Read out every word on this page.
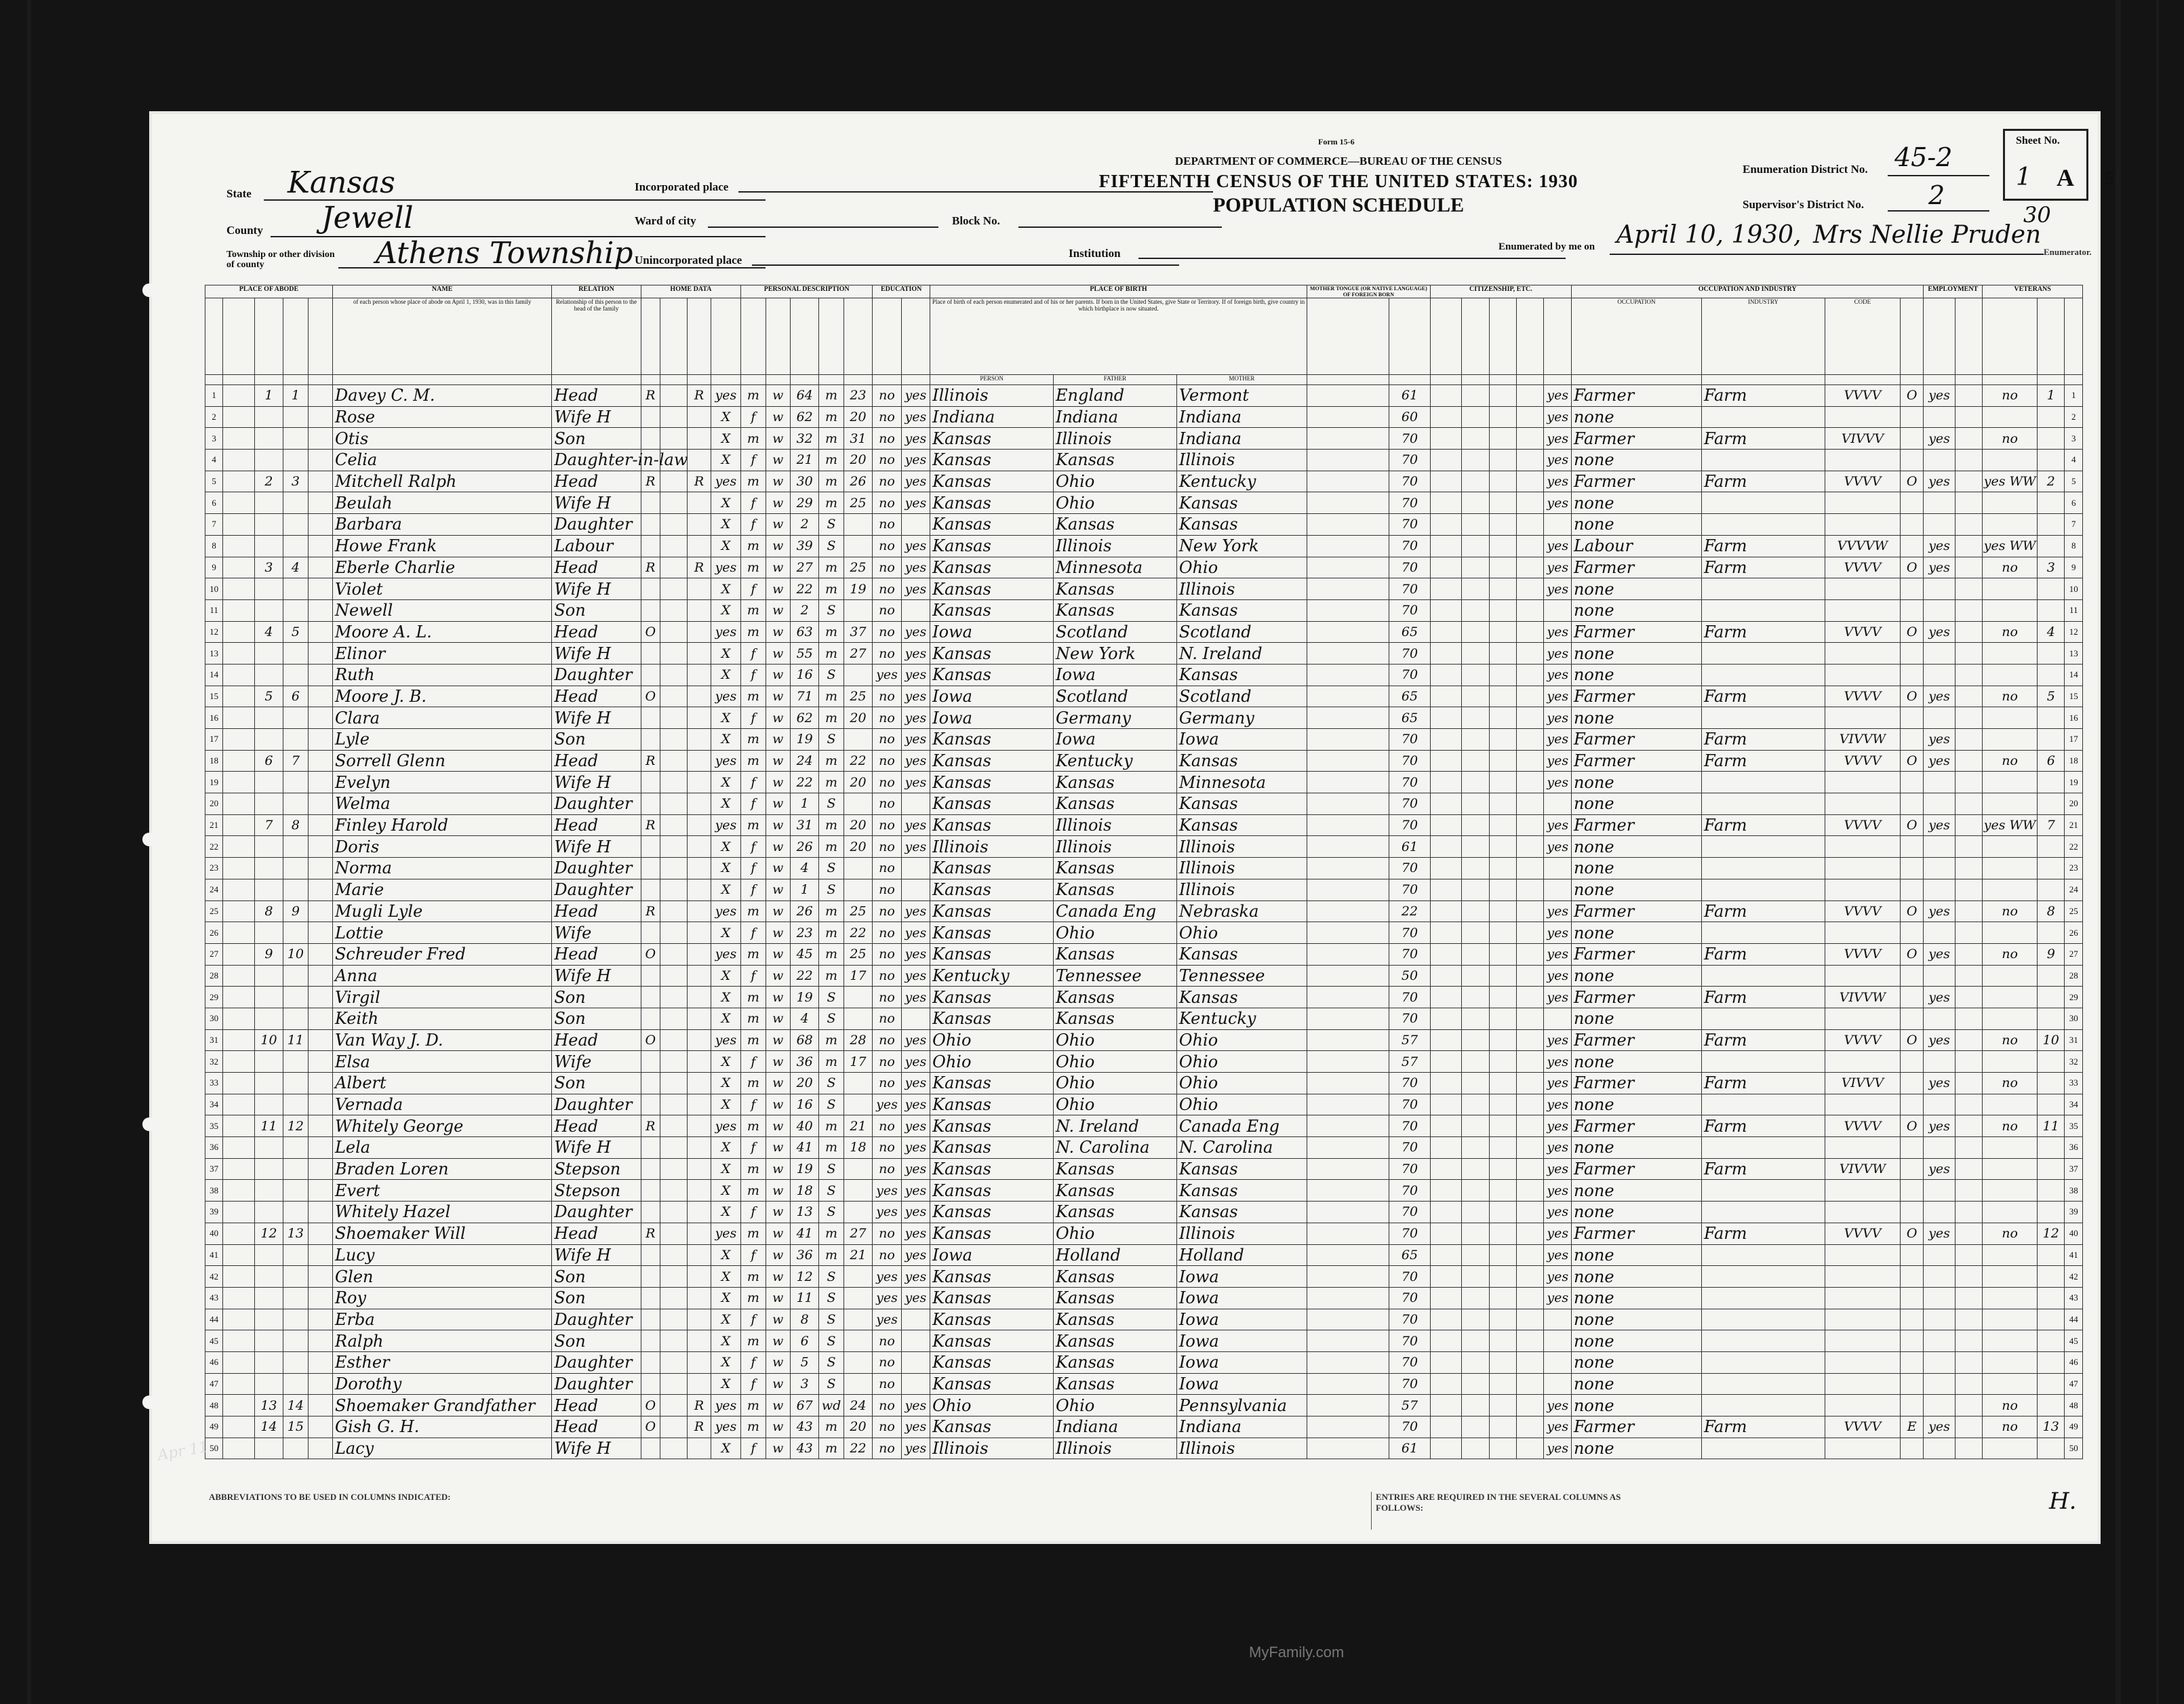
Form 15-6
DEPARTMENT OF COMMERCE—BUREAU OF THE CENSUS
FIFTEENTH CENSUS OF THE UNITED STATES: 1930
POPULATION SCHEDULE
State Kansas
County Jewell
Township or other division of county	Athens Township
Incorporated place
Ward of city	Block No.
Unincorporated place
Institution
Enumeration District No. 45-2
Supervisor's District No.	2
Enumerated by me on April 10, 1930, Mrs Nellie Pruden
Enumerator.
30
Sheet No.
1 A 5
PLACE OF ABODE					NAME	RELATION	HOME DATA				PERSONAL DESCRIPTION					EDUCATION		PLACE OF BIRTH			MOTHER TONGUE (OR NATIVE LANGUAGE) OF FOREIGN BORN		CITIZENSHIP, ETC.					OCCUPATION AND INDUSTRY				EMPLOYMENT		VETERANS		
					of each person whose place of abode on April 1, 1930, was in this family	Relationship of this person to the head of the family												Place of birth of each person enumerated and of his or her parents. If born in the United States, give State or Territory. If of foreign birth, give country in which birthplace is now situated.										OCCUPATION	INDUSTRY	CODE						
																		PERSON	FATHER	MOTHER																
1		1	1		Davey C. M.	Head	R		R	yes	m	w	64	m	23	no	yes	Illinois	England	Vermont		61					yes	Farmer	Farm	VVVV	O	yes		no	1	1
2					Rose	Wife H				X	f	w	62	m	20	no	yes	Indiana	Indiana	Indiana		60					yes	none								2
3					Otis	Son				X	m	w	32	m	31	no	yes	Kansas	Illinois	Indiana		70					yes	Farmer	Farm	VIVVV		yes		no		3
4					Celia	Daughter-in-law				X	f	w	21	m	20	no	yes	Kansas	Kansas	Illinois		70					yes	none								4
5		2	3		Mitchell Ralph	Head	R		R	yes	m	w	30	m	26	no	yes	Kansas	Ohio	Kentucky		70					yes	Farmer	Farm	VVVV	O	yes		yes WW	2	5
6					Beulah	Wife H				X	f	w	29	m	25	no	yes	Kansas	Ohio	Kansas		70					yes	none								6
7					Barbara	Daughter				X	f	w	2	S		no		Kansas	Kansas	Kansas		70						none								7
8					Howe Frank	Labour				X	m	w	39	S		no	yes	Kansas	Illinois	New York		70					yes	Labour	Farm	VVVVW		yes		yes WW		8
9		3	4		Eberle Charlie	Head	R		R	yes	m	w	27	m	25	no	yes	Kansas	Minnesota	Ohio		70					yes	Farmer	Farm	VVVV	O	yes		no	3	9
10					Violet	Wife H				X	f	w	22	m	19	no	yes	Kansas	Kansas	Illinois		70					yes	none								10
11					Newell	Son				X	m	w	2	S		no		Kansas	Kansas	Kansas		70						none								11
12		4	5		Moore A. L.	Head	O			yes	m	w	63	m	37	no	yes	Iowa	Scotland	Scotland		65					yes	Farmer	Farm	VVVV	O	yes		no	4	12
13					Elinor	Wife H				X	f	w	55	m	27	no	yes	Kansas	New York	N. Ireland		70					yes	none								13
14					Ruth	Daughter				X	f	w	16	S		yes	yes	Kansas	Iowa	Kansas		70					yes	none								14
15		5	6		Moore J. B.	Head	O			yes	m	w	71	m	25	no	yes	Iowa	Scotland	Scotland		65					yes	Farmer	Farm	VVVV	O	yes		no	5	15
16					Clara	Wife H				X	f	w	62	m	20	no	yes	Iowa	Germany	Germany		65					yes	none								16
17					Lyle	Son				X	m	w	19	S		no	yes	Kansas	Iowa	Iowa		70					yes	Farmer	Farm	VIVVW		yes				17
18		6	7		Sorrell Glenn	Head	R			yes	m	w	24	m	22	no	yes	Kansas	Kentucky	Kansas		70					yes	Farmer	Farm	VVVV	O	yes		no	6	18
19					Evelyn	Wife H				X	f	w	22	m	20	no	yes	Kansas	Kansas	Minnesota		70					yes	none								19
20					Welma	Daughter				X	f	w	1	S		no		Kansas	Kansas	Kansas		70						none								20
21		7	8		Finley Harold	Head	R			yes	m	w	31	m	20	no	yes	Kansas	Illinois	Kansas		70					yes	Farmer	Farm	VVVV	O	yes		yes WW	7	21
22					Doris	Wife H				X	f	w	26	m	20	no	yes	Illinois	Illinois	Illinois		61					yes	none								22
23					Norma	Daughter				X	f	w	4	S		no		Kansas	Kansas	Illinois		70						none								23
24					Marie	Daughter				X	f	w	1	S		no		Kansas	Kansas	Illinois		70						none								24
25		8	9		Mugli Lyle	Head	R			yes	m	w	26	m	25	no	yes	Kansas	Canada Eng	Nebraska		22					yes	Farmer	Farm	VVVV	O	yes		no	8	25
26					Lottie	Wife				X	f	w	23	m	22	no	yes	Kansas	Ohio	Ohio		70					yes	none								26
27		9	10		Schreuder Fred	Head	O			yes	m	w	45	m	25	no	yes	Kansas	Kansas	Kansas		70					yes	Farmer	Farm	VVVV	O	yes		no	9	27
28					Anna	Wife H				X	f	w	22	m	17	no	yes	Kentucky	Tennessee	Tennessee		50					yes	none								28
29					Virgil	Son				X	m	w	19	S		no	yes	Kansas	Kansas	Kansas		70					yes	Farmer	Farm	VIVVW		yes				29
30					Keith	Son				X	m	w	4	S		no		Kansas	Kansas	Kentucky		70						none								30
31		10	11		Van Way J. D.	Head	O			yes	m	w	68	m	28	no	yes	Ohio	Ohio	Ohio		57					yes	Farmer	Farm	VVVV	O	yes		no	10	31
32					Elsa	Wife				X	f	w	36	m	17	no	yes	Ohio	Ohio	Ohio		57					yes	none								32
33					Albert	Son				X	m	w	20	S		no	yes	Kansas	Ohio	Ohio		70					yes	Farmer	Farm	VIVVV		yes		no		33
34					Vernada	Daughter				X	f	w	16	S		yes	yes	Kansas	Ohio	Ohio		70					yes	none								34
35		11	12		Whitely George	Head	R			yes	m	w	40	m	21	no	yes	Kansas	N. Ireland	Canada Eng		70					yes	Farmer	Farm	VVVV	O	yes		no	11	35
36					Lela	Wife H				X	f	w	41	m	18	no	yes	Kansas	N. Carolina	N. Carolina		70					yes	none								36
37					Braden Loren	Stepson				X	m	w	19	S		no	yes	Kansas	Kansas	Kansas		70					yes	Farmer	Farm	VIVVW		yes				37
38					Evert	Stepson				X	m	w	18	S		yes	yes	Kansas	Kansas	Kansas		70					yes	none								38
39					Whitely Hazel	Daughter				X	f	w	13	S		yes	yes	Kansas	Kansas	Kansas		70					yes	none								39
40		12	13		Shoemaker Will	Head	R			yes	m	w	41	m	27	no	yes	Kansas	Ohio	Illinois		70					yes	Farmer	Farm	VVVV	O	yes		no	12	40
41					Lucy	Wife H				X	f	w	36	m	21	no	yes	Iowa	Holland	Holland		65					yes	none								41
42					Glen	Son				X	m	w	12	S		yes	yes	Kansas	Kansas	Iowa		70					yes	none								42
43					Roy	Son				X	m	w	11	S		yes	yes	Kansas	Kansas	Iowa		70					yes	none								43
44					Erba	Daughter				X	f	w	8	S		yes		Kansas	Kansas	Iowa		70						none								44
45					Ralph	Son				X	m	w	6	S		no		Kansas	Kansas	Iowa		70						none								45
46					Esther	Daughter				X	f	w	5	S		no		Kansas	Kansas	Iowa		70						none								46
47					Dorothy	Daughter				X	f	w	3	S		no		Kansas	Kansas	Iowa		70						none								47
48		13	14		Shoemaker Grandfather	Head	O		R	yes	m	w	67	wd	24	no	yes	Ohio	Ohio	Pennsylvania		57					yes	none						no		48
49		14	15		Gish G. H.	Head	O		R	yes	m	w	43	m	20	no	yes	Kansas	Indiana	Indiana		70					yes	Farmer	Farm	VVVV	E	yes		no	13	49
50					Lacy	Wife H				X	f	w	43	m	22	no	yes	Illinois	Illinois	Illinois		61					yes	none								50
ABBREVIATIONS TO BE USED IN COLUMNS INDICATED:	ENTRIES ARE REQUIRED IN THE SEVERAL COLUMNS AS FOLLOWS:	H.
Apr 11
MyFamily.com
